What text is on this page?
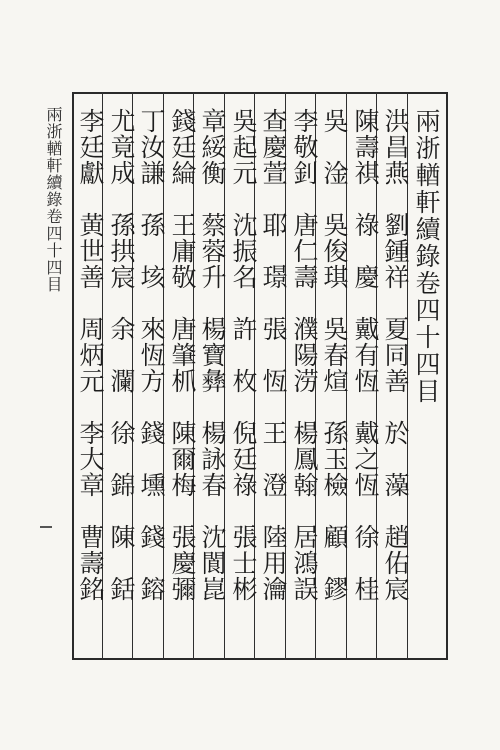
兩浙輶軒續錄卷四十四目	兩浙輶軒續錄卷四十四目
洪昌燕　劉鍾祥　夏同善　於　藻　趙佑宸
陳壽祺　祿　慶　戴有恆　戴之恆　徐　桂
吳　淦　吳俊琪　吳春煊　孫玉檢　顧　鏐
李敬釗　唐仁壽　濮陽涝　楊鳳翰　居鴻誤
查慶萱　耶　璟　張　恆　王　澄　陸用瀹
吳起元　沈振名　許　枚　倪廷祿　張士彬
章綏衡　蔡蓉升　楊寶彝　楊詠春　沈閬崑
錢廷綸　王庸敬　唐肇枛　陳爾梅　張慶彌
丁汝謙　孫　垓　來恆方　錢　壎　錢　鎔
尤竟成　孫拱宸　余　瀾　徐　錦　陳　銛
李廷獻　黄世善　周炳元　李大章　曹壽銘
